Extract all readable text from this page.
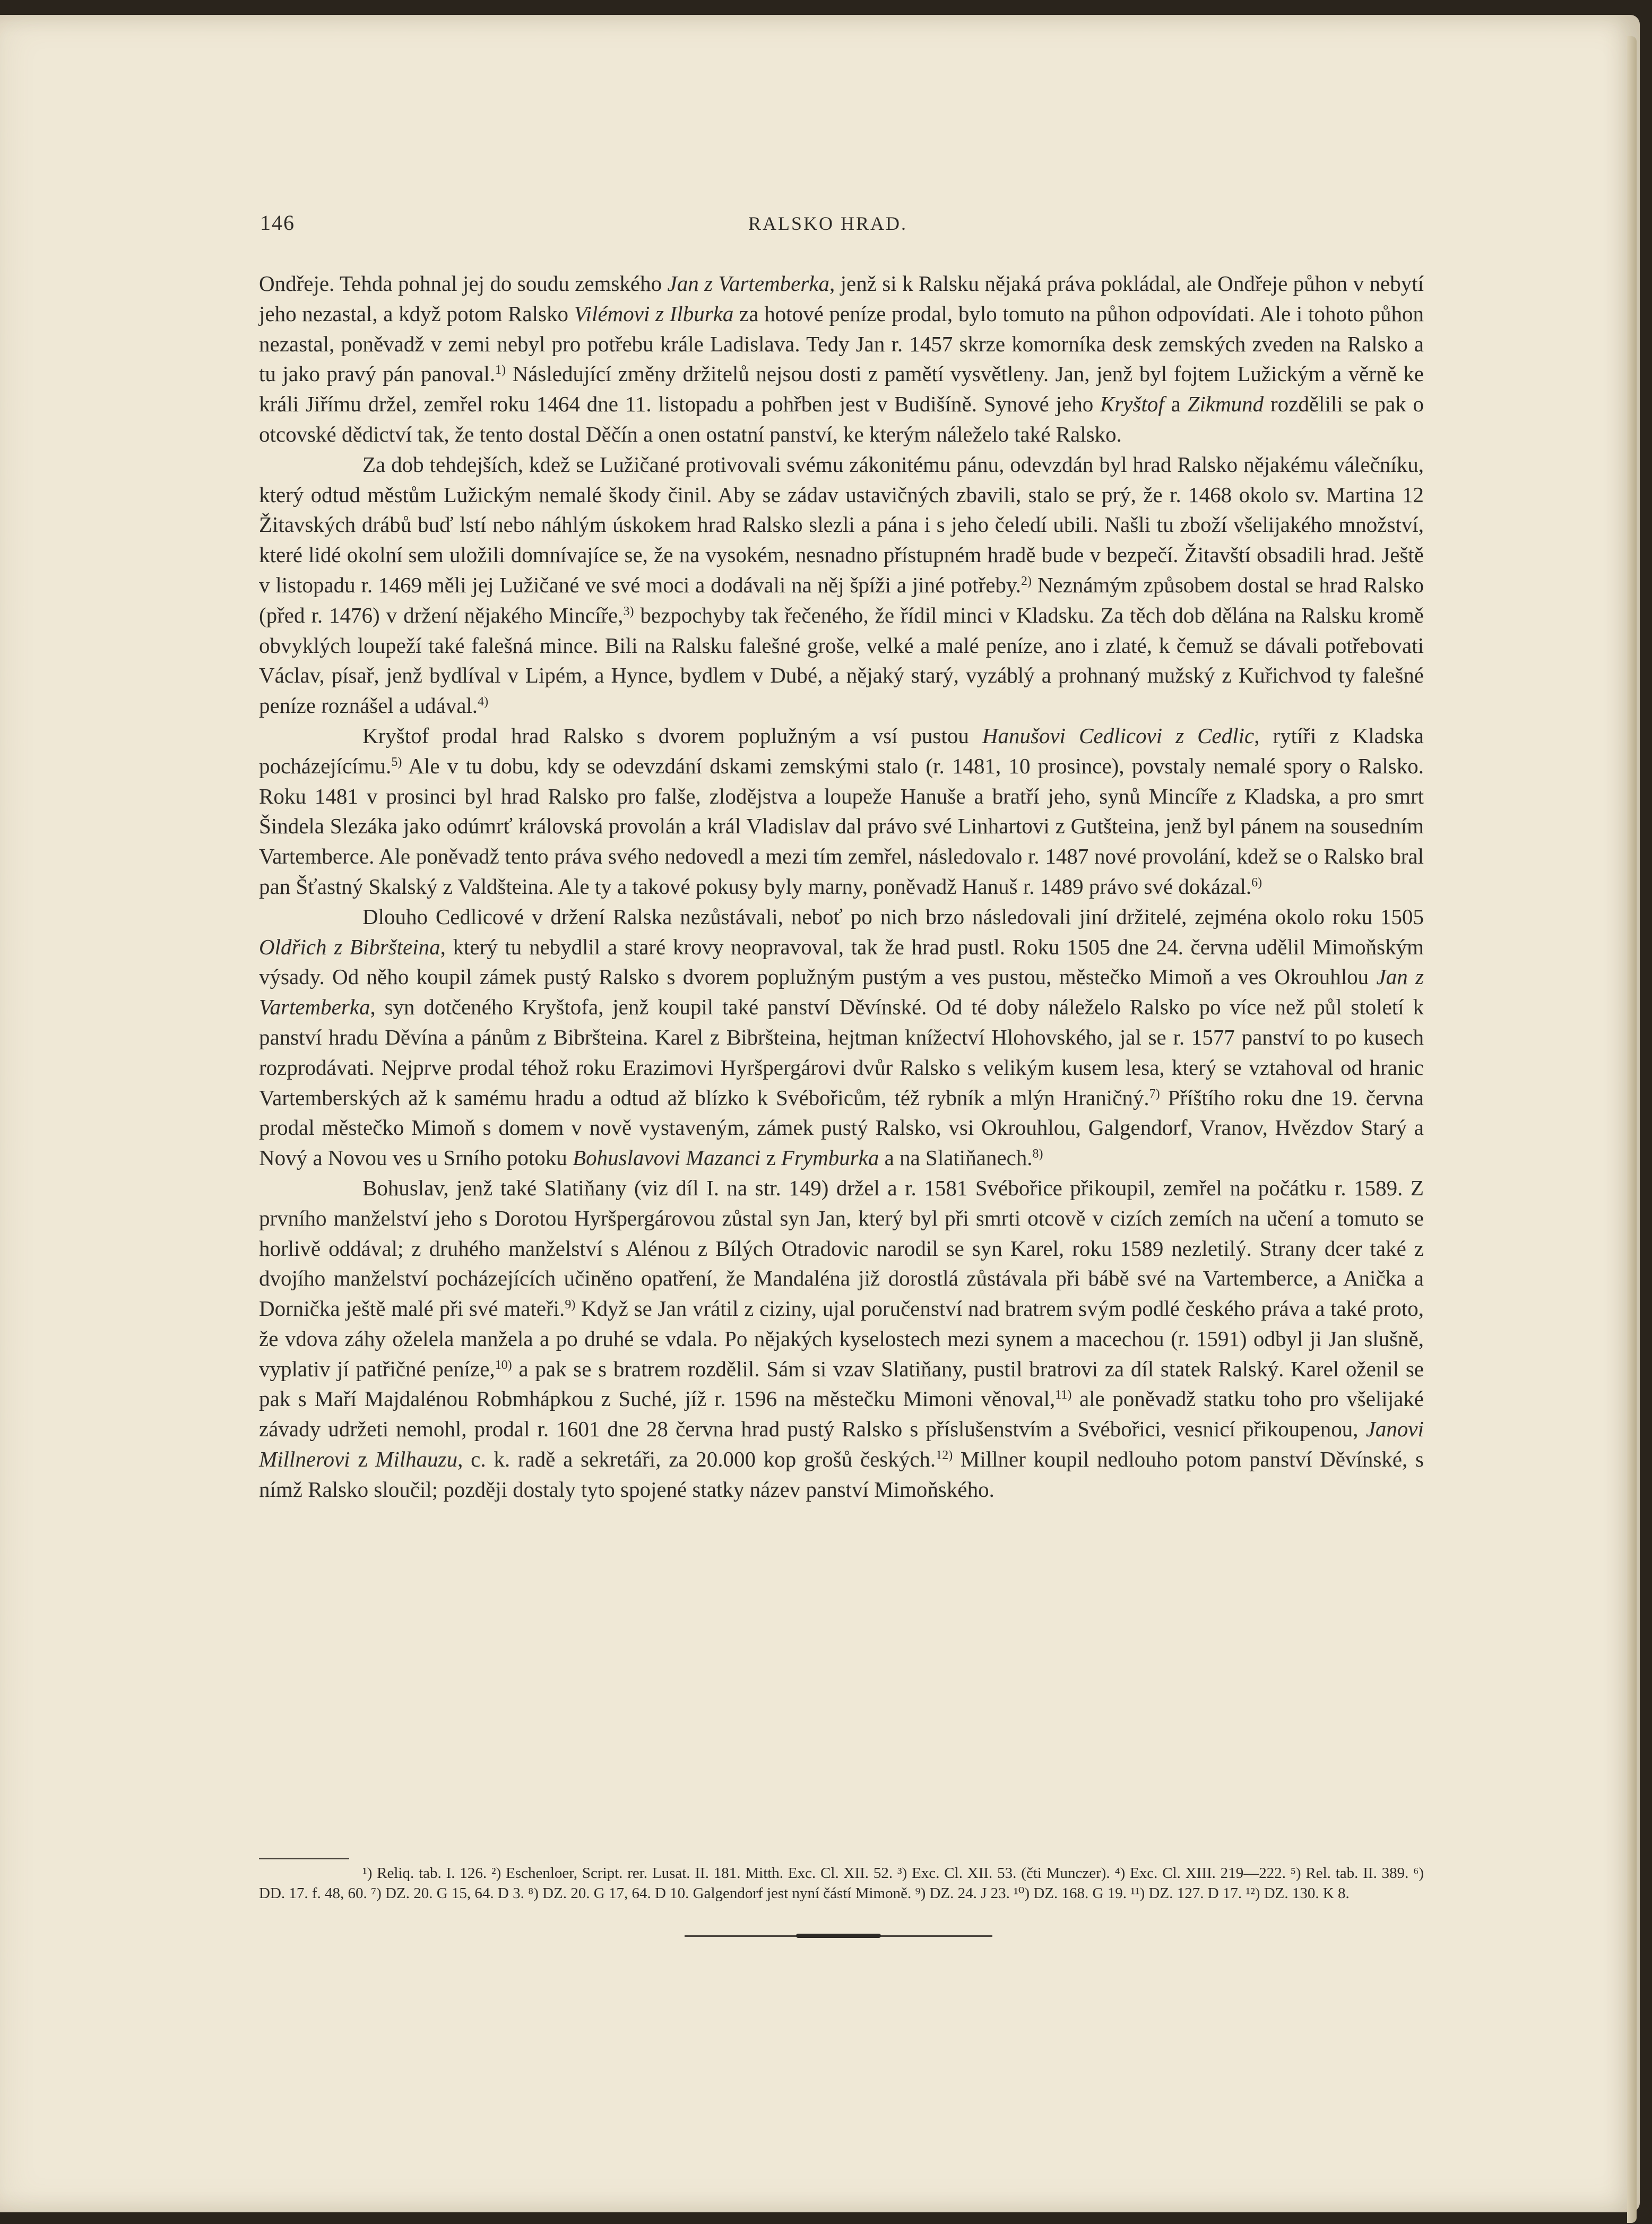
146	RALSKO HRAD.

Ondřeje. Tehda pohnal jej do soudu zemského Jan z Vartemberka, jenž si k Ralsku nějaká práva pokládal, ale Ondřeje půhon v nebytí jeho nezastal, a když potom Ralsko Vilémovi z Ilburka za hotové peníze prodal, bylo tomuto na půhon odpovídati. Ale i tohoto půhon nezastal, poněvadž v zemi nebyl pro potřebu krále Ladislava. Tedy Jan r. 1457 skrze komorníka desk zemských zveden na Ralsko a tu jako pravý pán panoval.$^{1)}$ Následující změny držitelů nejsou dosti z pamětí vysvětleny. Jan, jenž byl fojtem Lužickým a věrně ke králi Jiřímu držel, zemřel roku 1464 dne 11. listopadu a pohřben jest v Budišíně. Synové jeho Kryštof a Zikmund rozdělili se pak o otcovské dědictví tak, že tento dostal Děčín a onen ostatní panství, ke kterým náleželo také Ralsko.

Za dob tehdejších, kdež se Lužičané protivovali svému zákonitému pánu, odevzdán byl hrad Ralsko nějakému válečníku, který odtud městům Lužickým nemalé škody činil. Aby se zádav ustavičných zbavili, stalo se prý, že r. 1468 okolo sv. Martina 12 Žitavských drábů buď lstí nebo náhlým úskokem hrad Ralsko slezli a pána i s jeho čeledí ubili. Našli tu zboží všelijakého množství, které lidé okolní sem uložili domnívajíce se, že na vysokém, nesnadno přístupném hradě bude v bezpečí. Žitavští obsadili hrad. Ještě v listopadu r. 1469 měli jej Lužičané ve své moci a dodávali na něj špíži a jiné potřeby.$^{2)}$ Neznámým způsobem dostal se hrad Ralsko (před r. 1476) v držení nějakého Mincíře,$^{3)}$ bezpochyby tak řečeného, že řídil minci v Kladsku. Za těch dob dělána na Ralsku kromě obvyklých loupeží také falešná mince. Bili na Ralsku falešné groše, velké a malé peníze, ano i zlaté, k čemuž se dávali potřebovati Václav, písař, jenž bydlíval v Lipém, a Hynce, bydlem v Dubé, a nějaký starý, vyzáblý a prohnaný mužský z Kuřichvod ty falešné peníze roznášel a udával.$^{4)}$

Kryštof prodal hrad Ralsko s dvorem poplužným a vsí pustou Hanušovi Cedlicovi z Cedlic, rytíři z Kladska pocházejícímu.$^{5)}$ Ale v tu dobu, kdy se odevzdání dskami zemskými stalo (r. 1481, 10 prosince), povstaly nemalé spory o Ralsko. Roku 1481 v prosinci byl hrad Ralsko pro falše, zlodějstva a loupeže Hanuše a bratří jeho, synů Mincíře z Kladska, a pro smrt Šindela Slezáka jako odúmrť královská provolán a král Vladislav dal právo své Linhartovi z Gutšteina, jenž byl pánem na sousedním Vartemberce. Ale poněvadž tento práva svého nedovedl a mezi tím zemřel, následovalo r. 1487 nové provolání, kdež se o Ralsko bral pan Šťastný Skalský z Valdšteina. Ale ty a takové pokusy byly marny, poněvadž Hanuš r. 1489 právo své dokázal.$^{6)}$

Dlouho Cedlicové v držení Ralska nezůstávali, neboť po nich brzo následovali jiní držitelé, zejména okolo roku 1505 Oldřich z Bibršteina, který tu nebydlil a staré krovy neopravoval, tak že hrad pustl. Roku 1505 dne 24. června udělil Mimoňským výsady. Od něho koupil zámek pustý Ralsko s dvorem poplužným pustým a ves pustou, městečko Mimoň a ves Okrouhlou Jan z Vartemberka, syn dotčeného Kryštofa, jenž koupil také panství Děvínské. Od té doby náleželo Ralsko po více než půl století k panství hradu Děvína a pánům z Bibršteina. Karel z Bibršteina, hejtman knížectví Hlohovského, jal se r. 1577 panství to po kusech rozprodávati. Nejprve prodal téhož roku Erazimovi Hyršpergárovi dvůr Ralsko s velikým kusem lesa, který se vztahoval od hranic Vartemberských až k samému hradu a odtud až blízko k Svébořicům, též rybník a mlýn Hraničný.$^{7)}$ Příštího roku dne 19. června prodal městečko Mimoň s domem v nově vystaveným, zámek pustý Ralsko, vsi Okrouhlou, Galgendorf, Vranov, Hvězdov Starý a Nový a Novou ves u Srního potoku Bohuslavovi Mazanci z Frymburka a na Slatiňanech.$^{8)}$

Bohuslav, jenž také Slatiňany (viz díl I. na str. 149) držel a r. 1581 Svébořice přikoupil, zemřel na počátku r. 1589. Z prvního manželství jeho s Dorotou Hyršpergárovou zůstal syn Jan, který byl při smrti otcově v cizích zemích na učení a tomuto se horlivě oddával; z druhého manželství s Alénou z Bílých Otradovic narodil se syn Karel, roku 1589 nezletilý. Strany dcer také z dvojího manželství pocházejících učiněno opatření, že Mandaléna již dorostlá zůstávala při bábě své na Vartemberce, a Anička a Dornička ještě malé při své mateři.$^{9)}$ Když se Jan vrátil z ciziny, ujal poručenství nad bratrem svým podlé českého práva a také proto, že vdova záhy oželela manžela a po druhé se vdala. Po nějakých kyselostech mezi synem a macechou (r. 1591) odbyl ji Jan slušně, vyplativ jí patřičné peníze,$^{10)}$ a pak se s bratrem rozdělil. Sám si vzav Slatiňany, pustil bratrovi za díl statek Ralský. Karel oženil se pak s Maří Majdalénou Robmhápkou z Suché, jíž r. 1596 na městečku Mimoni věnoval,$^{11)}$ ale poněvadž statku toho pro všelijaké závady udržeti nemohl, prodal r. 1601 dne 28 června hrad pustý Ralsko s příslušenstvím a Svébořici, vesnicí přikoupenou, Janovi Millnerovi z Milhauzu, c. k. radě a sekretáři, za 20.000 kop grošů českých.$^{12)}$ Millner koupil nedlouho potom panství Děvínské, s nímž Ralsko sloučil; později dostaly tyto spojené statky název panství Mimoňského.

¹) Reliq. tab. I. 126. ²) Eschenloer, Script. rer. Lusat. II. 181. Mitth. Exc. Cl. XII. 52. ³) Exc. Cl. XII. 53. (čti Munczer). ⁴) Exc. Cl. XIII. 219—222. ⁵) Rel. tab. II. 389. ⁶) DD. 17. f. 48, 60. ⁷) DZ. 20. G 15, 64. D 3. ⁸) DZ. 20. G 17, 64. D 10. Galgendorf jest nyní částí Mimoně. ⁹) DZ. 24. J 23. ¹⁰) DZ. 168. G 19. ¹¹) DZ. 127. D 17. ¹²) DZ. 130. K 8.
